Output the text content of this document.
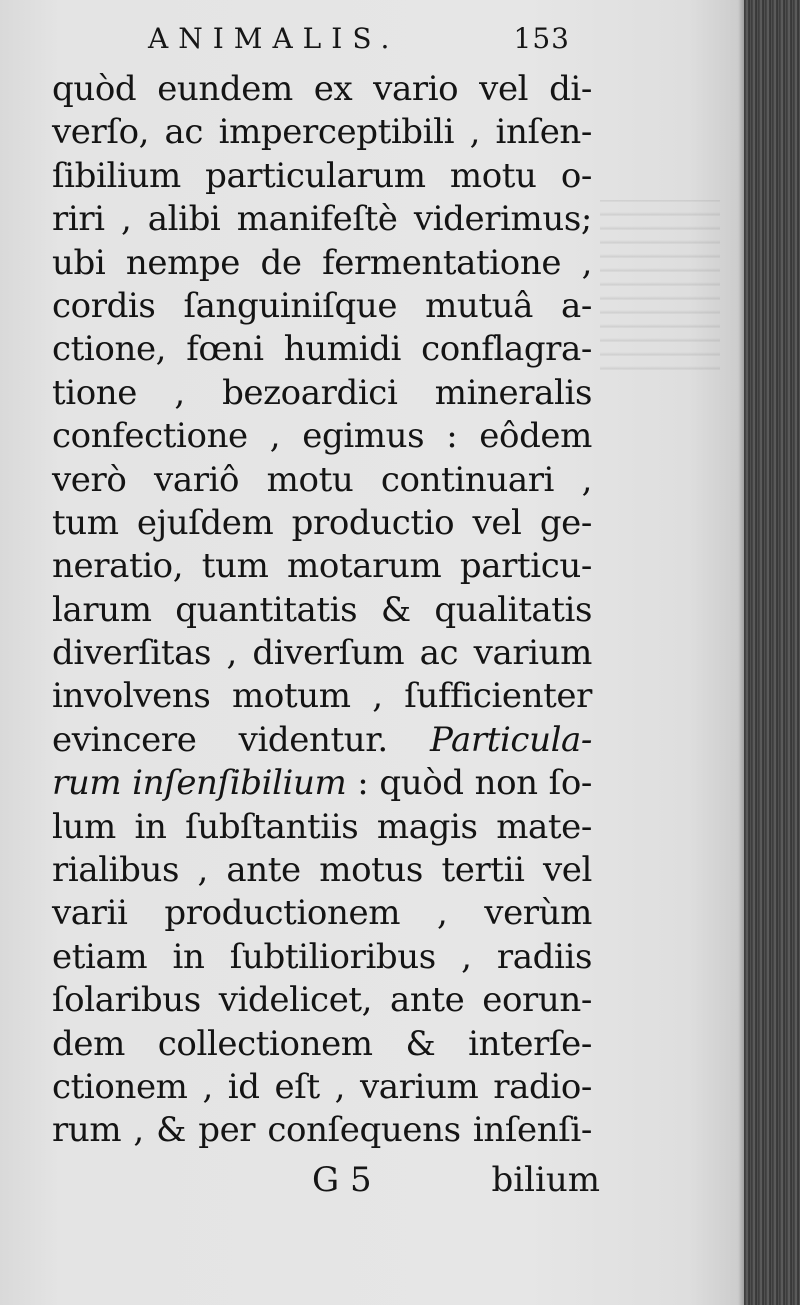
ANIMALIS.	153
quòd eundem ex vario vel di-
verſo, ac imperceptibili , inſen-
ſibilium particularum motu o-
riri , alibi manifeſtè viderimus;
ubi nempe de fermentatione ,
cordis ſanguiniſque mutuâ a-
ctione, fœni humidi conflagra-
tione , bezoardici mineralis
confectione , egimus : eôdem
verò variô motu continuari ,
tum ejuſdem productio vel ge-
neratio, tum motarum particu-
larum quantitatis & qualitatis
diverſitas , diverſum ac varium
involvens motum , ſufficienter
evincere videntur. Particula-
rum inſenſibilium : quòd non ſo-
lum in ſubſtantiis magis mate-
rialibus , ante motus tertii vel
varii productionem , verùm
etiam in ſubtilioribus , radiis
ſolaribus videlicet, ante eorun-
dem collectionem & interſe-
ctionem , id eſt , varium radio-
rum , & per conſequens inſenſi-
G 5	bilium
